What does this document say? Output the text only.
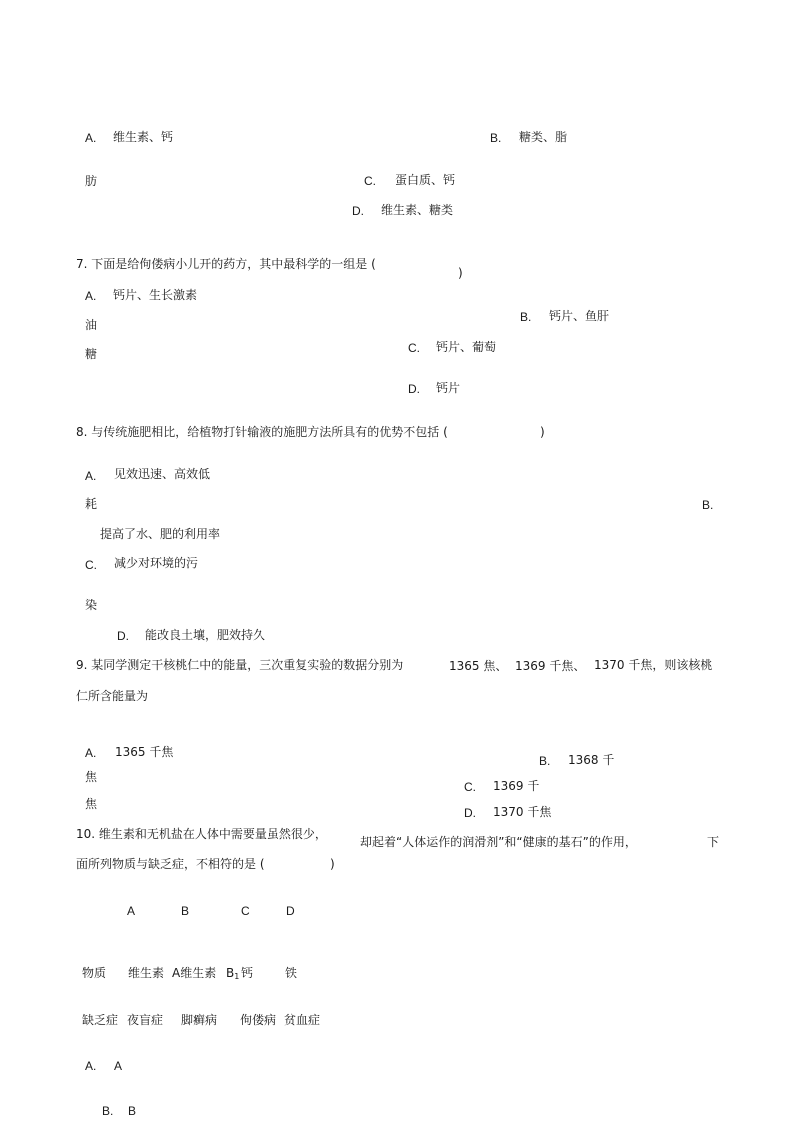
A. 维生素、钙	B. 糖类、脂
肪	C. 蛋白质、钙
D. 维生素、糖类
7. 下面是给佝偻病小儿开的药方，其中最科学的一组是 (
)
A. 钙片、生长激素
油
B. 钙片、鱼肝
糖	C. 钙片、葡萄
D. 钙片
8. 与传统施肥相比，给植物打针输液的施肥方法所具有的优势不包括 (	)
A. 见效迅速、高效低
耗	B.
提高了水、肥的利用率
C. 减少对环境的污
染
D. 能改良土壤，肥效持久
9. 某同学测定干核桃仁中的能量，三次重复实验的数据分别为	1365 焦、 1369 千焦、 1370 千焦，则该核桃
仁所含能量为
A. 1365 千焦
焦
B. 1368 千
焦
C. 1369 千
D. 1370 千焦
10. 维生素和无机盐在人体中需要量虽然很少，
却起着“人体运作的润滑剂”和“健康的基石”的作用，	下
面所列物质与缺乏症，不相符的是 (	)
A	B	C	D
物质 维生素 A维生素 $B_1$ 钙	铁
缺乏症 夜盲症 脚癣病 佝偻病 贫血症
A. A
B. B
